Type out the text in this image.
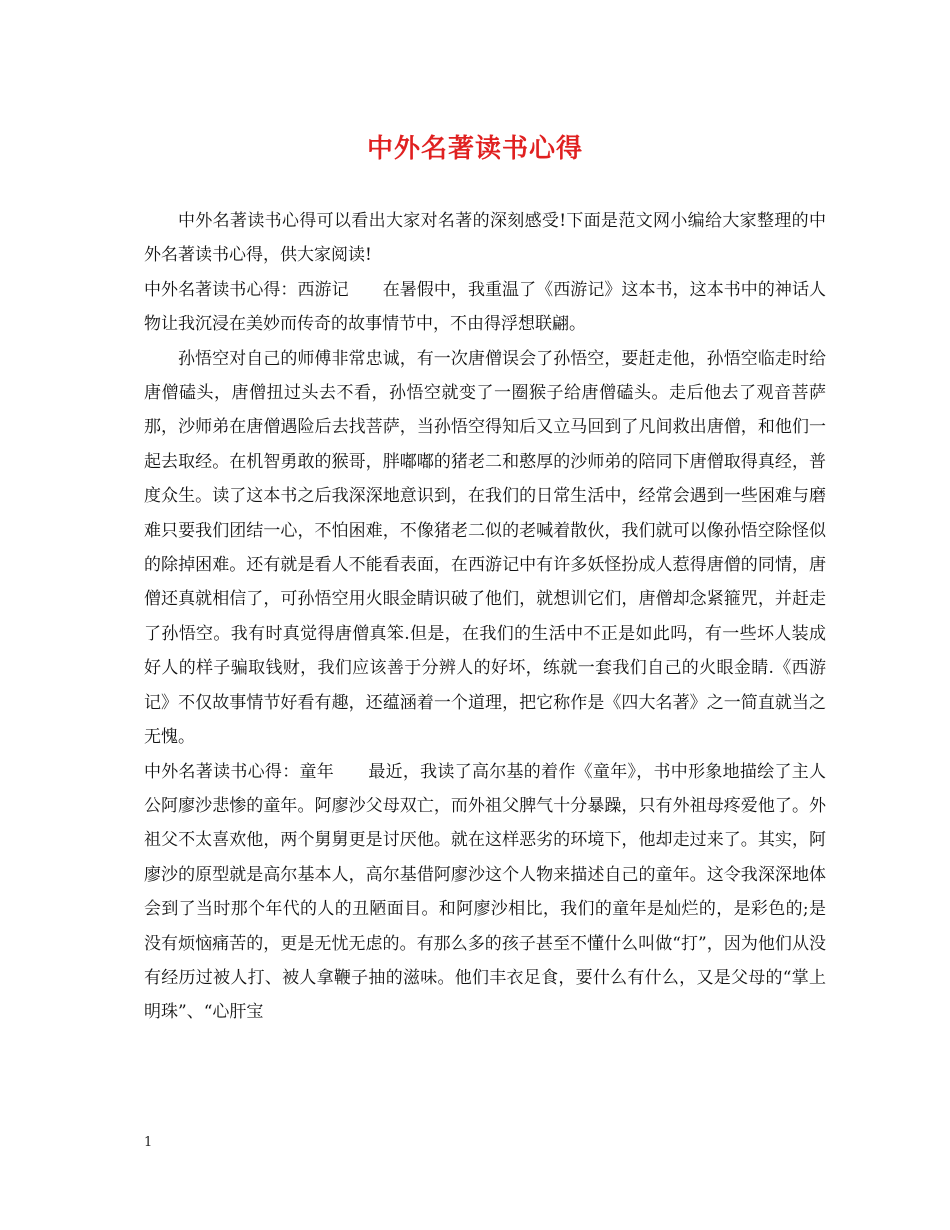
中外名著读书心得

中外名著读书心得可以看出大家对名著的深刻感受!下面是范文网小编给大家整理的中外名著读书心得，供大家阅读!

中外名著读书心得：西游记 在暑假中，我重温了《西游记》这本书，这本书中的神话人物让我沉浸在美妙而传奇的故事情节中，不由得浮想联翩。

孙悟空对自己的师傅非常忠诚，有一次唐僧误会了孙悟空，要赶走他，孙悟空临走时给唐僧磕头，唐僧扭过头去不看，孙悟空就变了一圈猴子给唐僧磕头。走后他去了观音菩萨那，沙师弟在唐僧遇险后去找菩萨，当孙悟空得知后又立马回到了凡间救出唐僧，和他们一起去取经。在机智勇敢的猴哥，胖嘟嘟的猪老二和憨厚的沙师弟的陪同下唐僧取得真经，普度众生。读了这本书之后我深深地意识到，在我们的日常生活中，经常会遇到一些困难与磨难只要我们团结一心，不怕困难，不像猪老二似的老喊着散伙，我们就可以像孙悟空除怪似的除掉困难。还有就是看人不能看表面，在西游记中有许多妖怪扮成人惹得唐僧的同情，唐僧还真就相信了，可孙悟空用火眼金睛识破了他们，就想训它们，唐僧却念紧箍咒，并赶走了孙悟空。我有时真觉得唐僧真笨.但是，在我们的生活中不正是如此吗，有一些坏人装成好人的样子骗取钱财，我们应该善于分辨人的好坏，练就一套我们自己的火眼金睛.《西游记》不仅故事情节好看有趣，还蕴涵着一个道理，把它称作是《四大名著》之一简直就当之无愧。

中外名著读书心得：童年 最近，我读了高尔基的着作《童年》，书中形象地描绘了主人公阿廖沙悲惨的童年。阿廖沙父母双亡，而外祖父脾气十分暴躁，只有外祖母疼爱他了。外祖父不太喜欢他，两个舅舅更是讨厌他。就在这样恶劣的环境下，他却走过来了。其实，阿廖沙的原型就是高尔基本人，高尔基借阿廖沙这个人物来描述自己的童年。这令我深深地体会到了当时那个年代的人的丑陋面目。和阿廖沙相比，我们的童年是灿烂的，是彩色的;是没有烦恼痛苦的，更是无忧无虑的。有那么多的孩子甚至不懂什么叫做“打”，因为他们从没有经历过被人打、被人拿鞭子抽的滋味。他们丰衣足食，要什么有什么，又是父母的“掌上明珠”、“心肝宝

1
